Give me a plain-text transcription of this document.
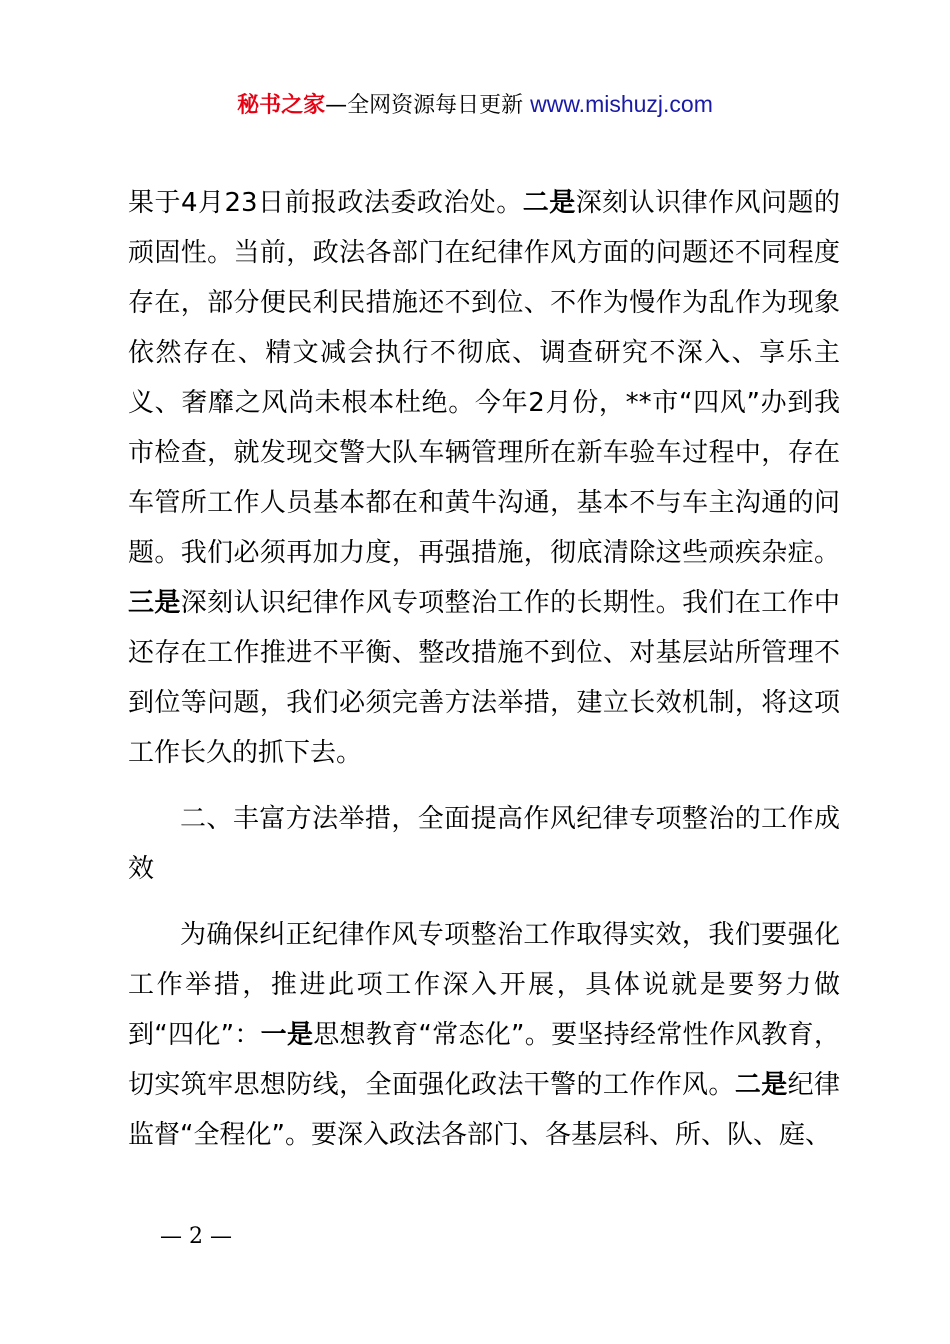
秘书之家—全网资源每日更新 www.mishuzj.com

果于4月23日前报政法委政治处。二是深刻认识律作风问题的顽固性。当前，政法各部门在纪律作风方面的问题还不同程度存在，部分便民利民措施还不到位、不作为慢作为乱作为现象依然存在、精文减会执行不彻底、调查研究不深入、享乐主义、奢靡之风尚未根本杜绝。今年2月份，**市“四风”办到我市检查，就发现交警大队车辆管理所在新车验车过程中，存在车管所工作人员基本都在和黄牛沟通，基本不与车主沟通的问题。我们必须再加力度，再强措施，彻底清除这些顽疾杂症。三是深刻认识纪律作风专项整治工作的长期性。我们在工作中还存在工作推进不平衡、整改措施不到位、对基层站所管理不到位等问题，我们必须完善方法举措，建立长效机制，将这项工作长久的抓下去。

二、丰富方法举措，全面提高作风纪律专项整治的工作成效

为确保纠正纪律作风专项整治工作取得实效，我们要强化工作举措，推进此项工作深入开展，具体说就是要努力做到“四化”：一是思想教育“常态化”。要坚持经常性作风教育，切实筑牢思想防线，全面强化政法干警的工作作风。二是纪律监督“全程化”。要深入政法各部门、各基层科、所、队、庭、

— 2 —
